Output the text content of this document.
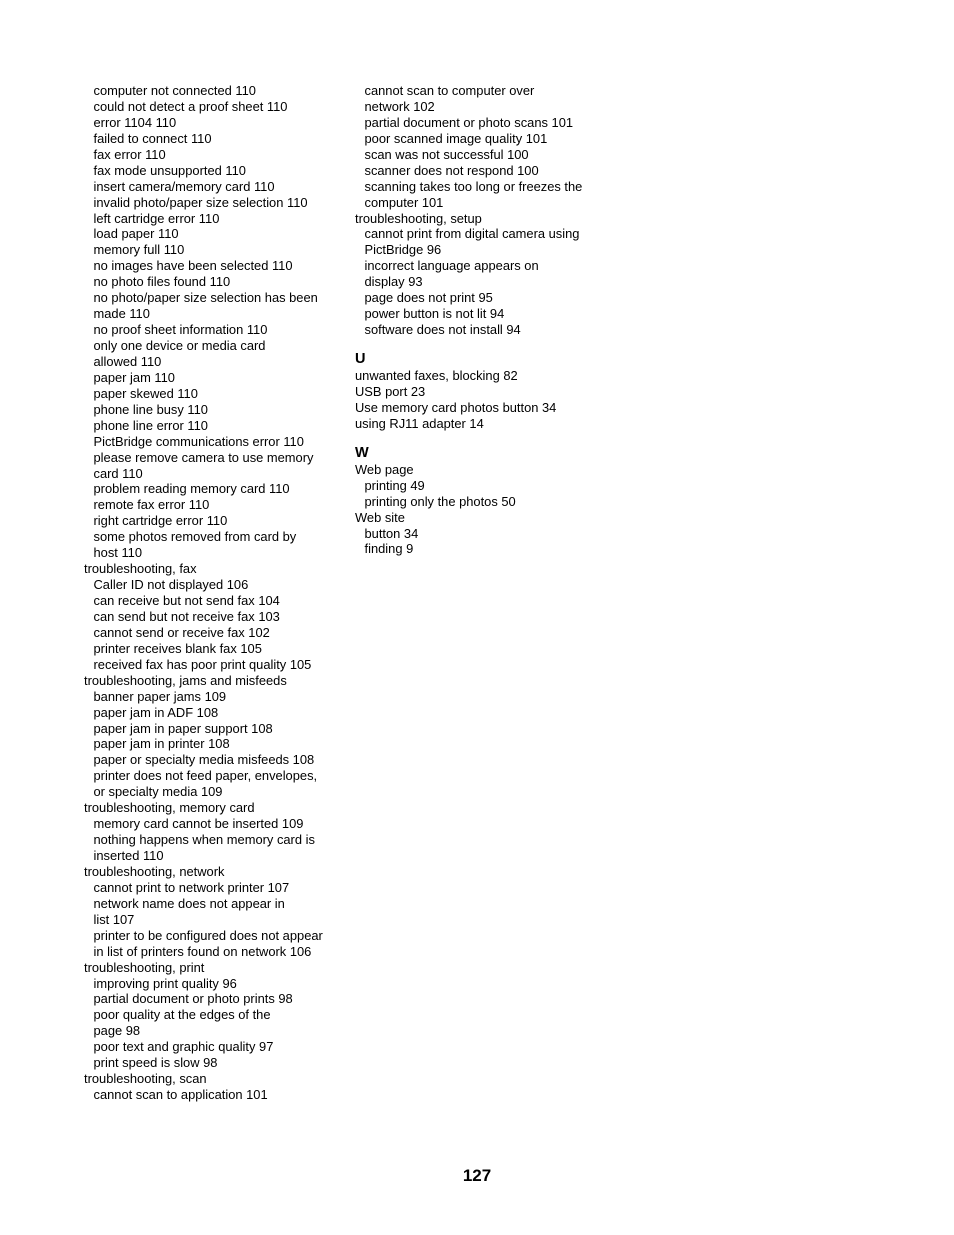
computer not connected 110
could not detect a proof sheet 110
error 1104 110
failed to connect 110
fax error 110
fax mode unsupported 110
insert camera/memory card 110
invalid photo/paper size selection 110
left cartridge error 110
load paper 110
memory full 110
no images have been selected 110
no photo files found 110
no photo/paper size selection has been
made 110
no proof sheet information 110
only one device or media card
allowed 110
paper jam 110
paper skewed 110
phone line busy 110
phone line error 110
PictBridge communications error 110
please remove camera to use memory
card 110
problem reading memory card 110
remote fax error 110
right cartridge error 110
some photos removed from card by
host 110
troubleshooting, fax
Caller ID not displayed 106
can receive but not send fax 104
can send but not receive fax 103
cannot send or receive fax 102
printer receives blank fax 105
received fax has poor print quality 105
troubleshooting, jams and misfeeds
banner paper jams 109
paper jam in ADF 108
paper jam in paper support 108
paper jam in printer 108
paper or specialty media misfeeds 108
printer does not feed paper, envelopes,
or specialty media 109
troubleshooting, memory card
memory card cannot be inserted 109
nothing happens when memory card is
inserted 110
troubleshooting, network
cannot print to network printer 107
network name does not appear in
list 107
printer to be configured does not appear
in list of printers found on network 106
troubleshooting, print
improving print quality 96
partial document or photo prints 98
poor quality at the edges of the
page 98
poor text and graphic quality 97
print speed is slow 98
troubleshooting, scan
cannot scan to application 101
cannot scan to computer over
network 102
partial document or photo scans 101
poor scanned image quality 101
scan was not successful 100
scanner does not respond 100
scanning takes too long or freezes the
computer 101
troubleshooting, setup
cannot print from digital camera using
PictBridge 96
incorrect language appears on
display 93
page does not print 95
power button is not lit 94
software does not install 94
U
unwanted faxes, blocking 82
USB port 23
Use memory card photos button 34
using RJ11 adapter 14
W
Web page
printing 49
printing only the photos 50
Web site
button 34
finding 9
127
